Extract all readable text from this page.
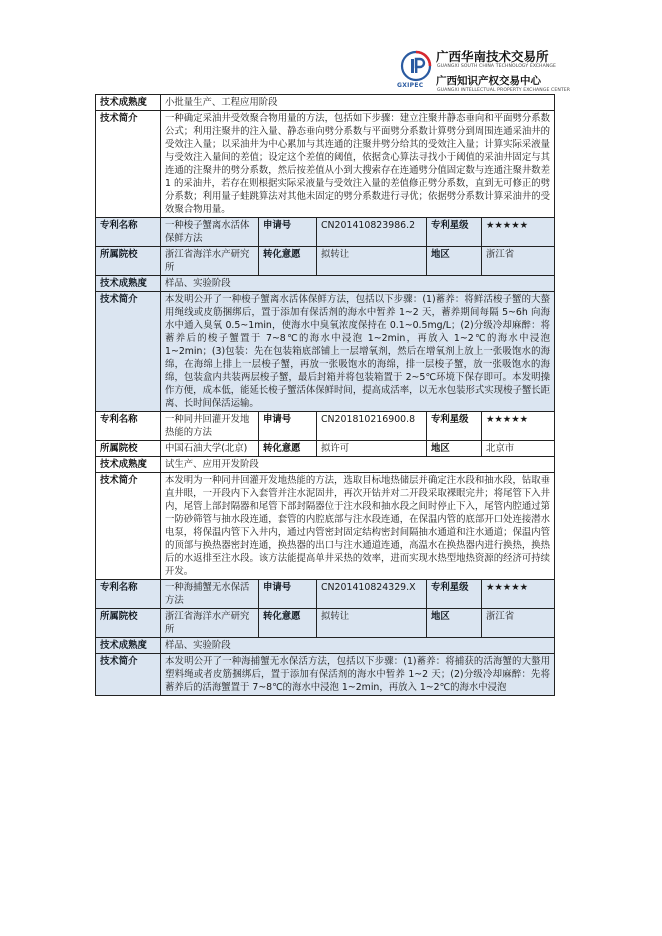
GXIPEC
广西华南技术交易所
GUANGXI SOUTH CHINA TECHNOLOGY EXCHANGE
广西知识产权交易中心
GUANGXI INTELLECTUAL PROPERTY EXCHANGE CENTER
技术成熟度	小批量生产、工程应用阶段				
技术简介	一种确定采油井受效聚合物用量的方法，包括如下步骤：建立注聚井静态垂向和平面劈分系数公式；利用注聚井的注入量、静态垂向劈分系数与平面劈分系数计算劈分到周围连通采油井的受效注入量；以采油井为中心累加与其连通的注聚井劈分给其的受效注入量；计算实际采液量与受效注入量间的差值；设定这个差值的阈值，依据贪心算法寻找小于阈值的采油井固定与其连通的注聚井的劈分系数，然后按差值从小到大搜索存在连通劈分值固定数与连通注聚井数差 1 的采油井，若存在则根据实际采液量与受效注入量的差值修正劈分系数，直到无可修正的劈分系数；利用量子蛙跳算法对其他未固定的劈分系数进行寻优；依据劈分系数计算采油井的受效聚合物用量。				
专利名称	一种梭子蟹离水活体保鲜方法	申请号	CN201410823986.2	专利星级	★★★★★
所属院校	浙江省海洋水产研究所	转化意愿	拟转让	地区	浙江省
技术成熟度	样品、实验阶段				
技术简介	本发明公开了一种梭子蟹离水活体保鲜方法，包括以下步骤：(1)蓄养：将鲜活梭子蟹的大螯用绳线或皮筋捆绑后，置于添加有保活剂的海水中暂养 1~2 天，蓄养期间每隔 5~6h 向海水中通入臭氧 0.5~1min，使海水中臭氧浓度保持在 0.1~0.5mg/L；(2)分级冷却麻醉：将蓄养后的梭子蟹置于 7~8℃的海水中浸泡 1~2min，再放入 1~2℃的海水中浸泡 1~2min；(3)包装：先在包装箱底部铺上一层增氧剂，然后在增氧剂上放上一张吸饱水的海绵，在海绵上排上一层梭子蟹，再放一张吸饱水的海绵，排一层梭子蟹，放一张吸饱水的海绵，包装盒内共装两层梭子蟹，最后封箱并将包装箱置于 2~5℃环境下保存即可。本发明操作方便，成本低，能延长梭子蟹活体保鲜时间，提高成活率，以无水包装形式实现梭子蟹长距离、长时间保活运输。				
专利名称	一种同井回灌开发地热能的方法	申请号	CN201810216900.8	专利星级	★★★★★
所属院校	中国石油大学(北京)	转化意愿	拟许可	地区	北京市
技术成熟度	试生产、应用开发阶段				
技术简介	本发明为一种同井回灌开发地热能的方法，选取目标地热储层并确定注水段和抽水段，钻取垂直井眼，一开段内下入套管并注水泥固井，再次开钻并对二开段采取裸眼完井；将尾管下入井内，尾管上部封隔器和尾管下部封隔器位于注水段和抽水段之间时停止下入，尾管内腔通过第一防砂筛管与抽水段连通，套管的内腔底部与注水段连通，在保温内管的底部开口处连接潜水电泵，将保温内管下入井内，通过内管密封固定结构密封间隔抽水通道和注水通道；保温内管的顶部与换热器密封连通，换热器的出口与注水通道连通，高温水在换热器内进行换热，换热后的水返排至注水段。该方法能提高单井采热的效率，进而实现水热型地热资源的经济可持续开发。				
专利名称	一种海捕蟹无水保活方法	申请号	CN201410824329.X	专利星级	★★★★★
所属院校	浙江省海洋水产研究所	转化意愿	拟转让	地区	浙江省
技术成熟度	样品、实验阶段				
技术简介	本发明公开了一种海捕蟹无水保活方法，包括以下步骤：(1)蓄养：将捕获的活海蟹的大螯用塑料绳或者皮筋捆绑后，置于添加有保活剂的海水中暂养 1~2 天；(2)分级冷却麻醉：先将蓄养后的活海蟹置于 7~8℃的海水中浸泡 1~2min，再放入 1~2℃的海水中浸泡				
